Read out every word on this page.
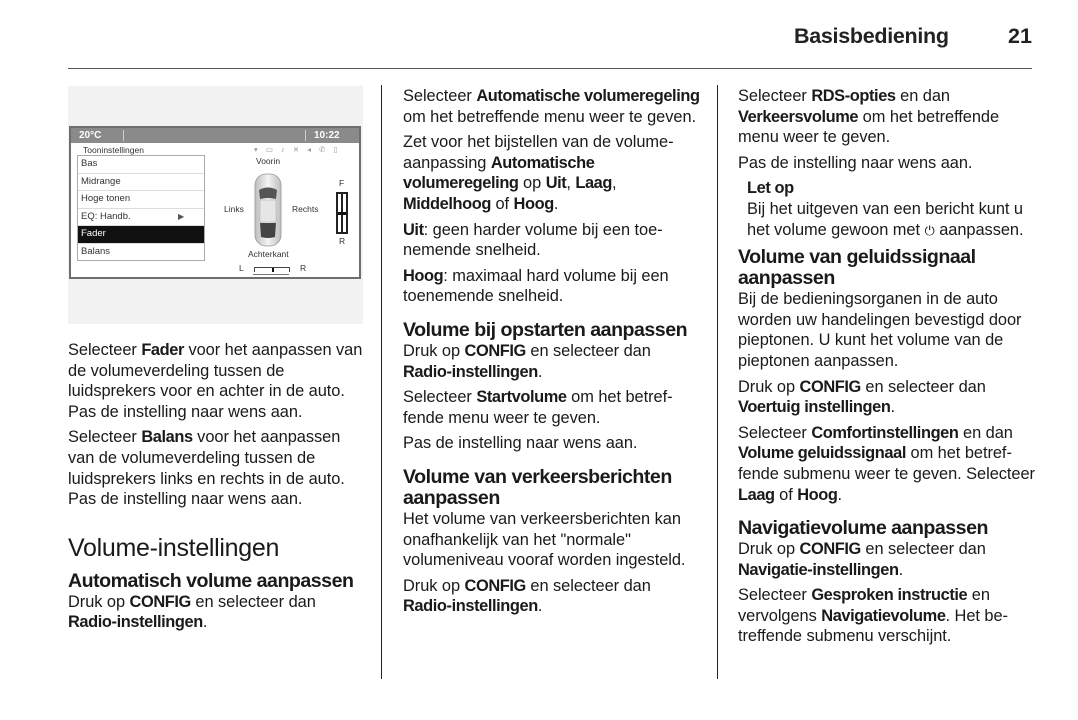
Basisbediening	21
20°C	10:22
Tooninstellingen	▾ ▭ ♪ ✕ ◂ ✆ ▯
Bas
Midrange
Hoge tonen
EQ: Handb.	▶
Fader
Balans
Voorin
Links	Rechts
Achterkant
F
R
L	R

Selecteer Fader voor het aanpassen van de volumeverdeling tussen de luidsprekers voor en achter in de auto. Pas de instelling naar wens aan.

Selecteer Balans voor het aanpassen van de volumeverdeling tussen de luidsprekers links en rechts in de auto. Pas de instelling naar wens aan.

Volume-instellingen
Automatisch volume aanpassen

Druk op CONFIG en selecteer dan Radio-instellingen.

Selecteer Automatische volumeregeling om het betreffende menu weer te geven.

Zet voor het bijstellen van de volumeaanpassing Automatische volumeregeling op Uit, Laag, Middelhoog of Hoog.

Uit: geen harder volume bij een toenemende snelheid.

Hoog: maximaal hard volume bij een toenemende snelheid.

Volume bij opstarten aanpassen

Druk op CONFIG en selecteer dan Radio-instellingen.

Selecteer Startvolume om het betreffende menu weer te geven.

Pas de instelling naar wens aan.

Volume van verkeersberichten aanpassen

Het volume van verkeersberichten kan onafhankelijk van het "normale" volumeniveau vooraf worden ingesteld.

Druk op CONFIG en selecteer dan Radio-instellingen.

Selecteer RDS-opties en dan Verkeersvolume om het betreffende menu weer te geven.

Pas de instelling naar wens aan.

Let op
Bij het uitgeven van een bericht kunt u het volume gewoon met ⏻ aanpassen.
Volume van geluidssignaal aanpassen

Bij de bedieningsorganen in de auto worden uw handelingen bevestigd door pieptonen. U kunt het volume van de pieptonen aanpassen.

Druk op CONFIG en selecteer dan Voertuig instellingen.

Selecteer Comfortinstellingen en dan Volume geluidssignaal om het betreffende submenu weer te geven. Selecteer Laag of Hoog.

Navigatievolume aanpassen

Druk op CONFIG en selecteer dan Navigatie-instellingen.

Selecteer Gesproken instructie en vervolgens Navigatievolume. Het betreffende submenu verschijnt.
